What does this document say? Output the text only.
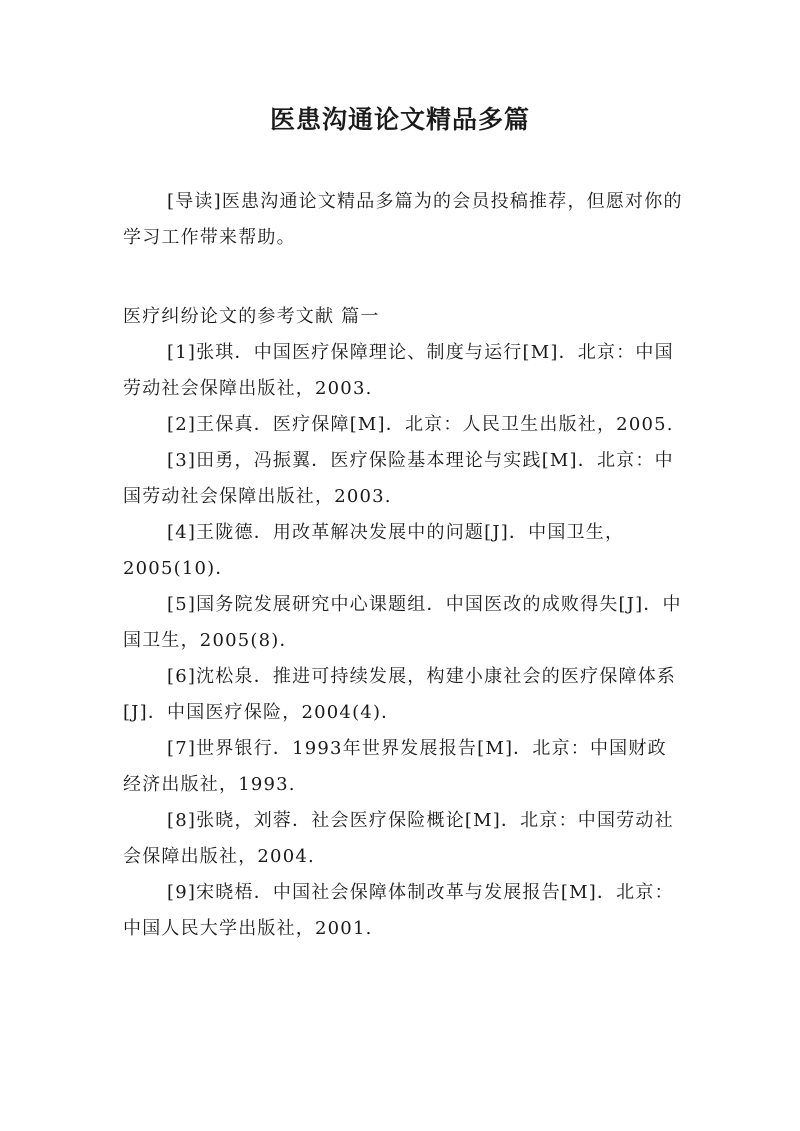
医患沟通论文精品多篇
[导读]医患沟通论文精品多篇为的会员投稿推荐，但愿对你的学习工作带来帮助。
医疗纠纷论文的参考文献 篇一

[1]张琪．中国医疗保障理论、制度与运行[M]．北京：中国劳动社会保障出版社，2003.

[2]王保真．医疗保障[M]．北京：人民卫生出版社，2005.

[3]田勇，冯振翼．医疗保险基本理论与实践[M]．北京：中国劳动社会保障出版社，2003.

[4]王陇德．用改革解决发展中的问题[J]．中国卫生，2005(10)．

[5]国务院发展研究中心课题组．中国医改的成败得失[J]．中国卫生，2005(8)．

[6]沈松泉．推进可持续发展，构建小康社会的医疗保障体系[J]．中国医疗保险，2004(4)．

[7]世界银行．1993年世界发展报告[M]．北京：中国财政经济出版社，1993.

[8]张晓，刘蓉．社会医疗保险概论[M]．北京：中国劳动社会保障出版社，2004.

[9]宋晓梧．中国社会保障体制改革与发展报告[M]．北京：中国人民大学出版社，2001.
